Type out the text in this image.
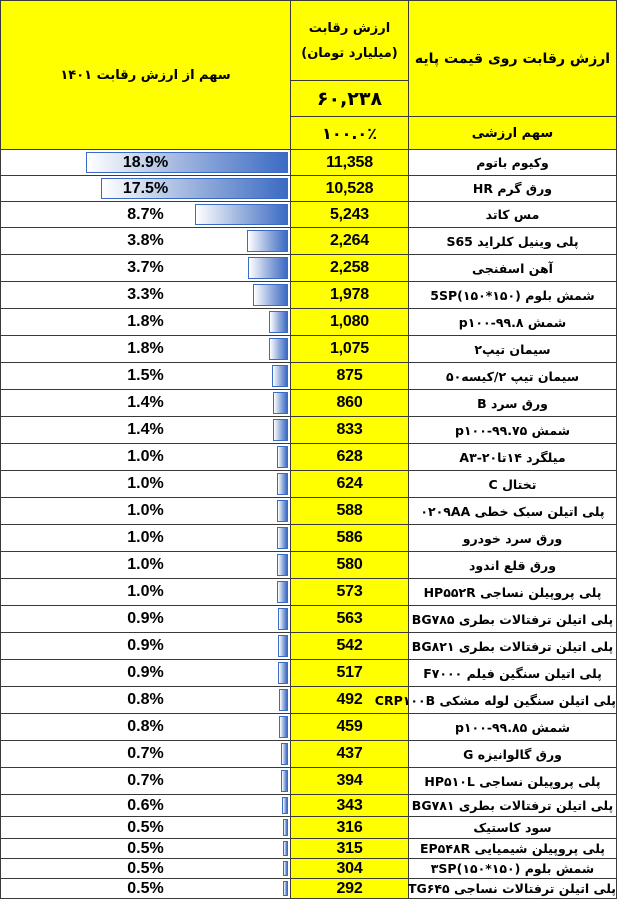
ارزش رقابت روی قیمت پایه	ارزش رقابت
(میلیارد تومان)	سهم از ارزش رقابت ۱۴۰۱
	۶۰,۲۳۸	
سهم ارزشی	۱۰۰.۰٪	
وکیوم باتوم	11,358	18.9%

ورق گرم HR	10,528	17.5%

مس کاتد	5,243	8.7%

پلی وینیل کلراید S65	2,264	3.8%

آهن اسفنجی	2,258	3.7%

شمش بلوم (۱۵۰*۱۵۰)5SP	1,978	3.3%

شمش ۹۹.۸-p۱۰۰	1,080	1.8%

سیمان تیپ۲	1,075	1.8%

سیمان تیپ ۲/کیسه۵۰	875	1.5%

ورق سرد B	860	1.4%

شمش ۹۹.۷۵-p۱۰۰	833	1.4%

میلگرد ۱۴تا۲۰-A۳	628	1.0%

تختال C	624	1.0%

پلی اتیلن سبک خطی ۰۲۰۹AA	588	1.0%

ورق سرد خودرو	586	1.0%

ورق قلع اندود	580	1.0%

پلی پروپیلن نساجی HP۵۵۲R	573	1.0%

پلی اتیلن ترفتالات بطری BG۷۸۵	563	0.9%

پلی اتیلن ترفتالات بطری BG۸۲۱	542	0.9%

پلی اتیلن سنگین فیلم F۷۰۰۰	517	0.9%

پلی اتیلن سنگین لوله مشکی CRP۱۰۰B	492	0.8%

شمش ۹۹.۸۵-p۱۰۰	459	0.8%

ورق گالوانیزه G	437	0.7%

پلی پروپیلن نساجی HP۵۱۰L	394	0.7%

پلی اتیلن ترفتالات بطری BG۷۸۱	343	0.6%

سود کاستیک	316	0.5%

پلی پروپیلن شیمیایی EP۵۴۸R	315	0.5%

شمش بلوم (۱۵۰*۱۵۰)۳SP	304	0.5%

پلی اتیلن ترفتالات نساجی TG۶۴۵	292	0.5%
